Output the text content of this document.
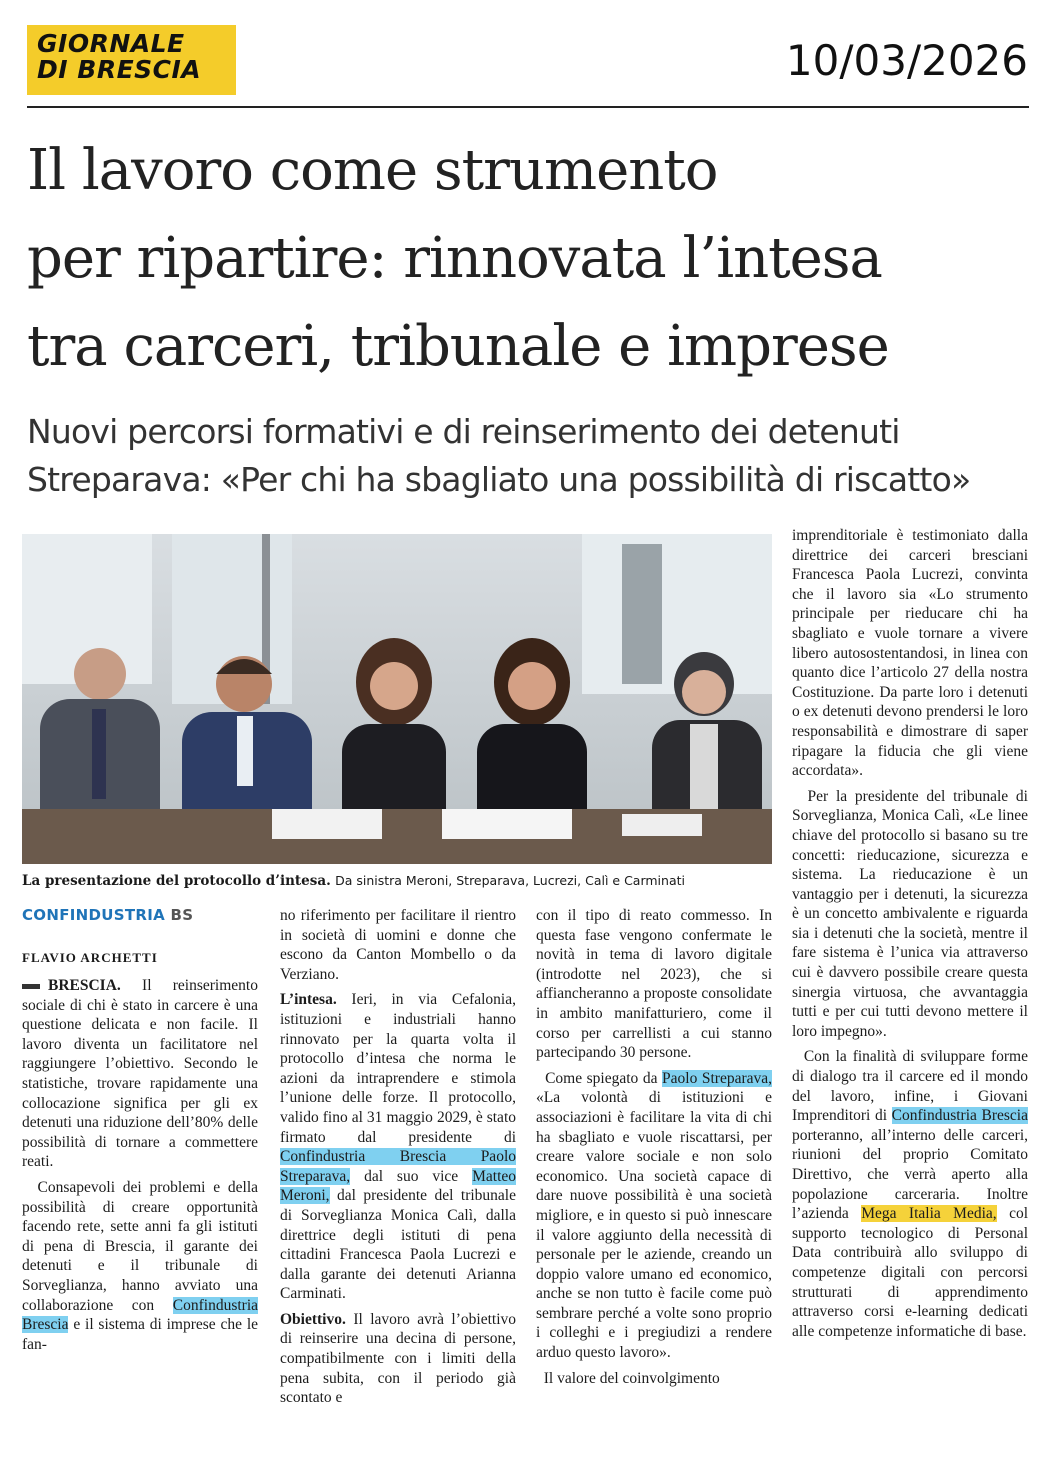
GIORNALE
DI BRESCIA	10/03/2026
Il lavoro come strumento
per ripartire: rinnovata l’intesa
tra carceri, tribunale e imprese
Nuovi percorsi formativi e di reinserimento dei detenuti
Streparava: «Per chi ha sbagliato una possibilità di riscatto»
La presentazione del protocollo d’intesa. Da sinistra Meroni, Streparava, Lucrezi, Calì e Carminati
CONFINDUSTRIA BS
FLAVIO ARCHETTI

BRESCIA. Il reinserimento sociale di chi è stato in carcere è una questione delicata e non facile. Il lavoro diventa un facilitatore nel raggiungere l’obiettivo. Secondo le statistiche, trovare rapidamente una collocazione significa per gli ex detenuti una riduzione dell’80% delle possibilità di tornare a commettere reati.

Consapevoli dei problemi e della possibilità di creare opportunità facendo rete, sette anni fa gli istituti di pena di Brescia, il garante dei detenuti e il tribunale di Sorveglianza, hanno avviato una collaborazione con Confindustria Brescia e il sistema di imprese che le fan-

no riferimento per facilitare il rientro in società di uomini e donne che escono da Canton Mombello o da Verziano.

L’intesa. Ieri, in via Cefalonia, istituzioni e industriali hanno rinnovato per la quarta volta il protocollo d’intesa che norma le azioni da intraprendere e stimola l’unione delle forze. Il protocollo, valido fino al 31 maggio 2029, è stato firmato dal presidente di Confindustria Brescia Paolo Streparava, dal suo vice Matteo Meroni, dal presidente del tribunale di Sorveglianza Monica Calì, dalla direttrice degli istituti di pena cittadini Francesca Paola Lucrezi e dalla garante dei detenuti Arianna Carminati.

Obiettivo. Il lavoro avrà l’obiettivo di reinserire una decina di persone, compatibilmente con i limiti della pena subita, con il periodo già scontato e

con il tipo di reato commesso. In questa fase vengono confermate le novità in tema di lavoro digitale (introdotte nel 2023), che si affiancheranno a proposte consolidate in ambito manifatturiero, come il corso per carrellisti a cui stanno partecipando 30 persone.

Come spiegato da Paolo Streparava, «La volontà di istituzioni e associazioni è facilitare la vita di chi ha sbagliato e vuole riscattarsi, per creare valore sociale e non solo economico. Una società capace di dare nuove possibilità è una società migliore, e in questo si può innescare il valore aggiunto della necessità di personale per le aziende, creando un doppio valore umano ed economico, anche se non tutto è facile come può sembrare perché a volte sono proprio i colleghi e i pregiudizi a rendere arduo questo lavoro».

Il valore del coinvolgimento

imprenditoriale è testimoniato dalla direttrice dei carceri bresciani Francesca Paola Lucrezi, convinta che il lavoro sia «Lo strumento principale per rieducare chi ha sbagliato e vuole tornare a vivere libero autosostentandosi, in linea con quanto dice l’articolo 27 della nostra Costituzione. Da parte loro i detenuti o ex detenuti devono prendersi le loro responsabilità e dimostrare di saper ripagare la fiducia che gli viene accordata».

Per la presidente del tribunale di Sorveglianza, Monica Calì, «Le linee chiave del protocollo si basano su tre concetti: rieducazione, sicurezza e sistema. La rieducazione è un vantaggio per i detenuti, la sicurezza è un concetto ambivalente e riguarda sia i detenuti che la società, mentre il fare sistema è l’unica via attraverso cui è davvero possibile creare questa sinergia virtuosa, che avvantaggia tutti e per cui tutti devono mettere il loro impegno».

Con la finalità di sviluppare forme di dialogo tra il carcere ed il mondo del lavoro, infine, i Giovani Imprenditori di Confindustria Brescia porteranno, all’interno delle carceri, riunioni del proprio Comitato Direttivo, che verrà aperto alla popolazione carceraria. Inoltre l’azienda Mega Italia Media, col supporto tecnologico di Personal Data contribuirà allo sviluppo di competenze digitali con percorsi strutturati di apprendimento attraverso corsi e-learning dedicati alle competenze informatiche di base.
